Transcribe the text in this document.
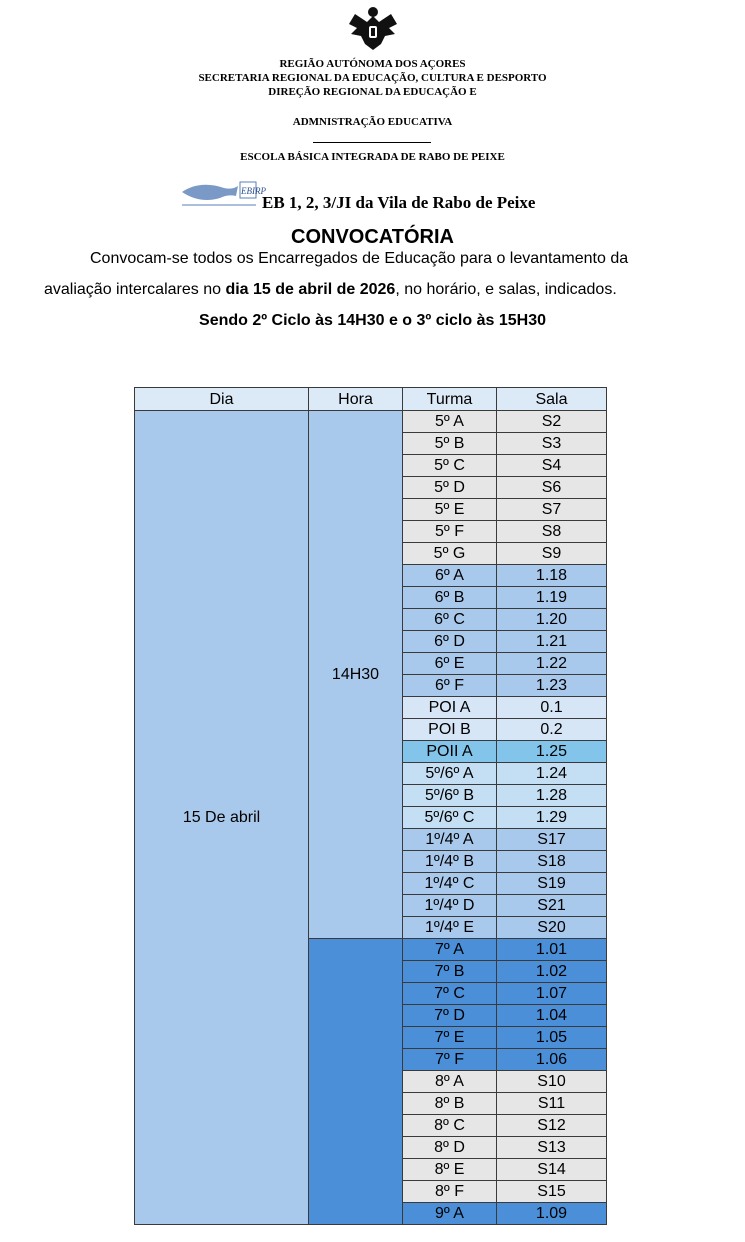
REGIÃO AUTÓNOMA DOS AÇORES
SECRETARIA REGIONAL DA EDUCAÇÃO, CULTURA E DESPORTO
DIREÇÃO REGIONAL DA EDUCAÇÃO E
ADMNISTRAÇÃO EDUCATIVA
ESCOLA BÁSICA INTEGRADA DE RABO DE PEIXE
EBIRP
EB 1, 2, 3/JI da Vila de Rabo de Peixe
CONVOCATÓRIA
Convocam-se todos os Encarregados de Educação para o levantamento da
avaliação intercalares no dia 15 de abril de 2026, no horário, e salas, indicados.
Sendo 2º Ciclo às 14H30 e o 3º ciclo às 15H30
Dia	Hora	Turma	Sala
15 De abril	14H30	5º A	S2
		5º B	S3
		5º C	S4
		5º D	S6
		5º E	S7
		5º F	S8
		5º G	S9
		6º A	1.18
		6º B	1.19
		6º C	1.20
		6º D	1.21
		6º E	1.22
		6º F	1.23
		POI A	0.1
		POI B	0.2
		POII A	1.25
		5º/6º A	1.24
		5º/6º B	1.28
		5º/6º C	1.29
		1º/4º A	S17
		1º/4º B	S18
		1º/4º C	S19
		1º/4º D	S21
		1º/4º E	S20
		7º A	1.01
		7º B	1.02
		7º C	1.07
		7º D	1.04
		7º E	1.05
		7º F	1.06
		8º A	S10
		8º B	S11
		8º C	S12
		8º D	S13
		8º E	S14
		8º F	S15
		9º A	1.09
